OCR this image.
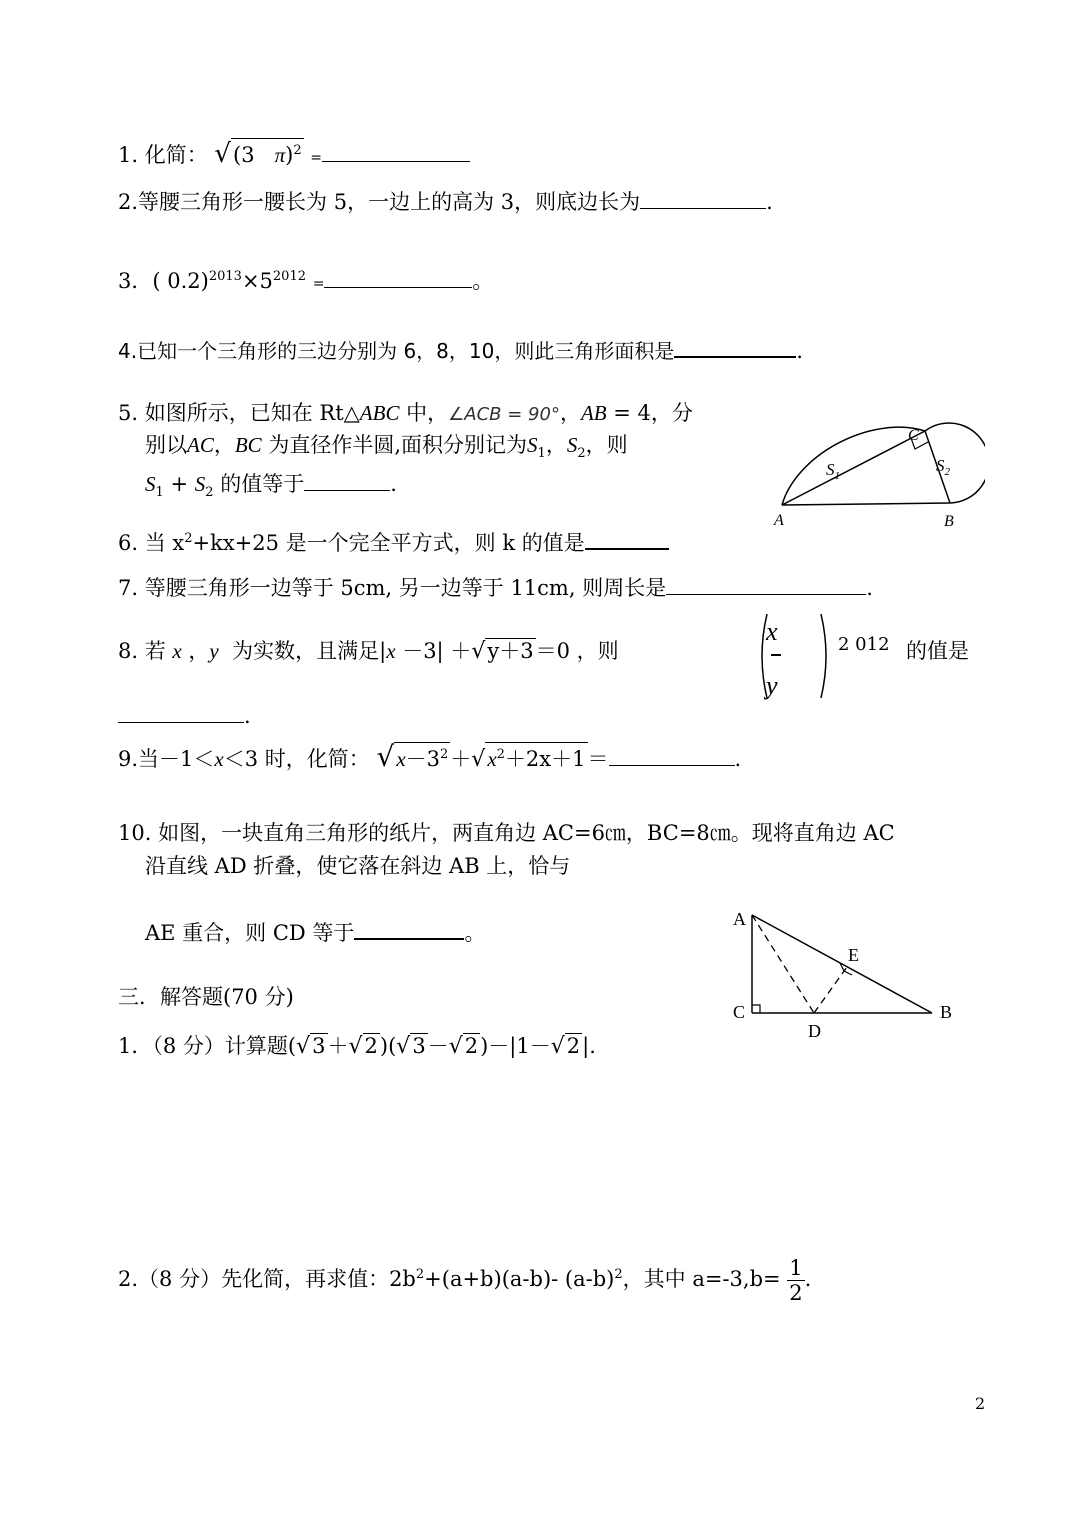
1. 化简： √(3 π)$^2$ =
2.等腰三角形一腰长为 5，一边上的高为 3，则底边长为	.
3．( $0.2)^{2013}\times 5^{2012}$ =	。
4.已知一个三角形的三边分别为 6，8，10，则此三角形面积是	．
5. 如图所示，已知在 Rt△ABC 中，∠ACB = 90°，AB = 4，分
别以AC，BC 为直径作半圆,面积分别记为$S_1$，$S_2$，则
$S_1 + S_2$ 的值等于	.
A	B
C
$S_1$
$S_2$
6. 当 $x^2+kx+25$ 是一个完全平方式，则 k 的值是
7. 等腰三角形一边等于 5cm, 另一边等于 11cm, 则周长是	.
8. 若 x ，y 为实数，且满足|x －3| ＋√y＋3＝0 ，则
x
y
2 012 的值是
.
9.当－1＜x＜3 时，化简： $√x-3^2+√x^2+2x+1=$	.
10. 如图，一块直角三角形的纸片，两直角边 AC=6㎝，BC=8㎝。现将直角边 AC
沿直线 AD 折叠，使它落在斜边 AB 上，恰与
AE 重合，则 CD 等于	。
A
E
C	B
D
三．解答题(70 分)
1．（8 分）计算题(√3＋√2)(√3－√2)－|1－√2|.
2.（8 分）先化简，再求值：$2b^2+(a+b)(a-b)-$ $(a-b)^2$，其中 $a=-3,b= \frac{1}{2}$ .
2
